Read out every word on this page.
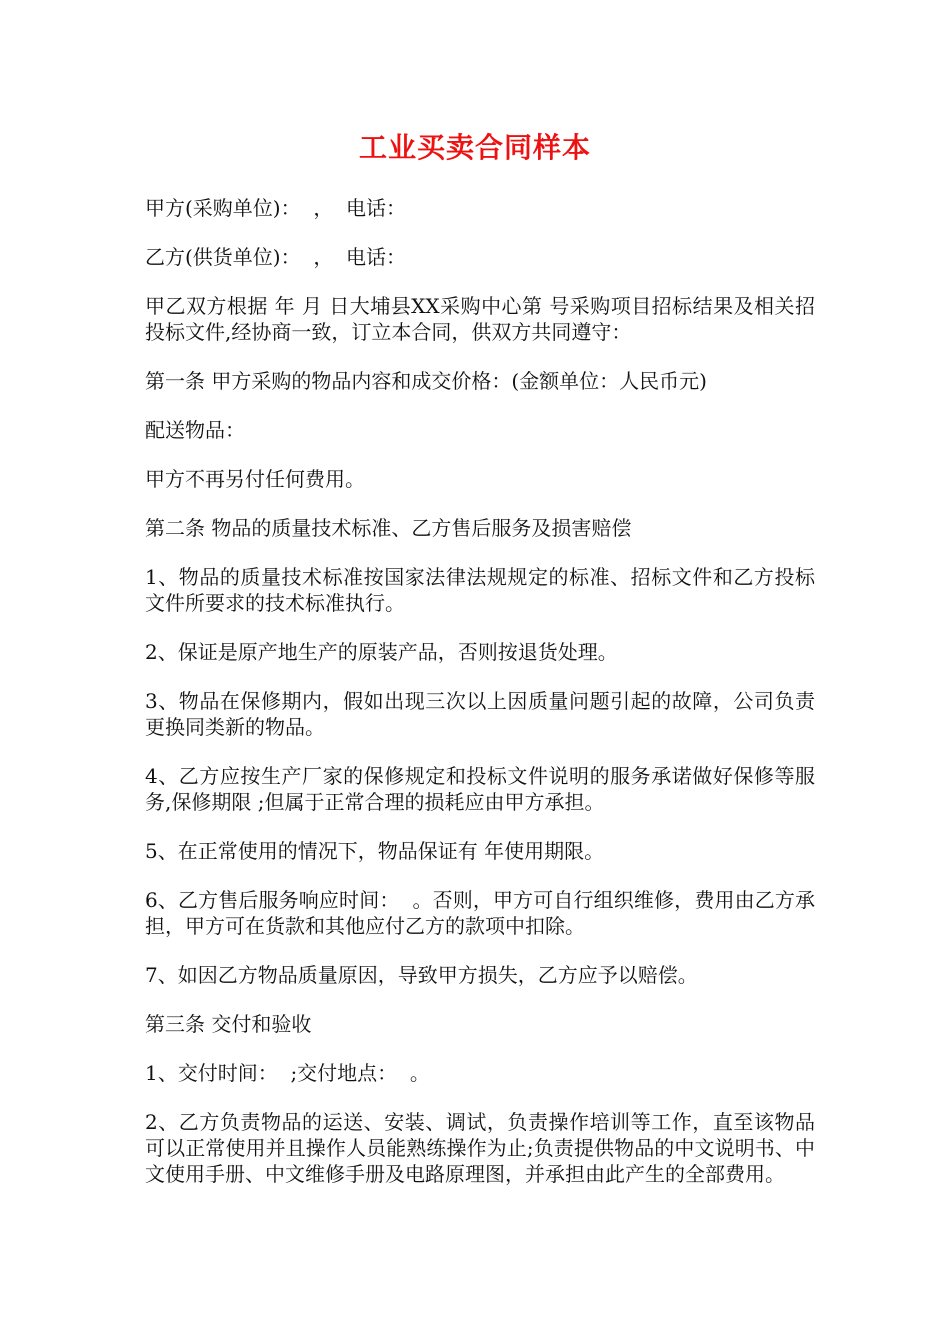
工业买卖合同样本

甲方(采购单位)：  ，  电话：

乙方(供货单位)：  ，  电话：

甲乙双方根据 年 月 日大埔县XX采购中心第 号采购项目招标结果及相关招投标文件,经协商一致，订立本合同，供双方共同遵守：

第一条 甲方采购的物品内容和成交价格：(金额单位：人民币元)

配送物品：

甲方不再另付任何费用。

第二条 物品的质量技术标准、乙方售后服务及损害赔偿

1、物品的质量技术标准按国家法律法规规定的标准、招标文件和乙方投标文件所要求的技术标准执行。

2、保证是原产地生产的原装产品，否则按退货处理。

3、物品在保修期内，假如出现三次以上因质量问题引起的故障，公司负责更换同类新的物品。

4、乙方应按生产厂家的保修规定和投标文件说明的服务承诺做好保修等服务,保修期限 ;但属于正常合理的损耗应由甲方承担。

5、在正常使用的情况下，物品保证有 年使用期限。

6、乙方售后服务响应时间：  。否则，甲方可自行组织维修，费用由乙方承担，甲方可在货款和其他应付乙方的款项中扣除。

7、如因乙方物品质量原因，导致甲方损失，乙方应予以赔偿。

第三条 交付和验收

1、交付时间：  ;交付地点：  。

2、乙方负责物品的运送、安装、调试，负责操作培训等工作，直至该物品可以正常使用并且操作人员能熟练操作为止;负责提供物品的中文说明书、中文使用手册、中文维修手册及电路原理图，并承担由此产生的全部费用。
